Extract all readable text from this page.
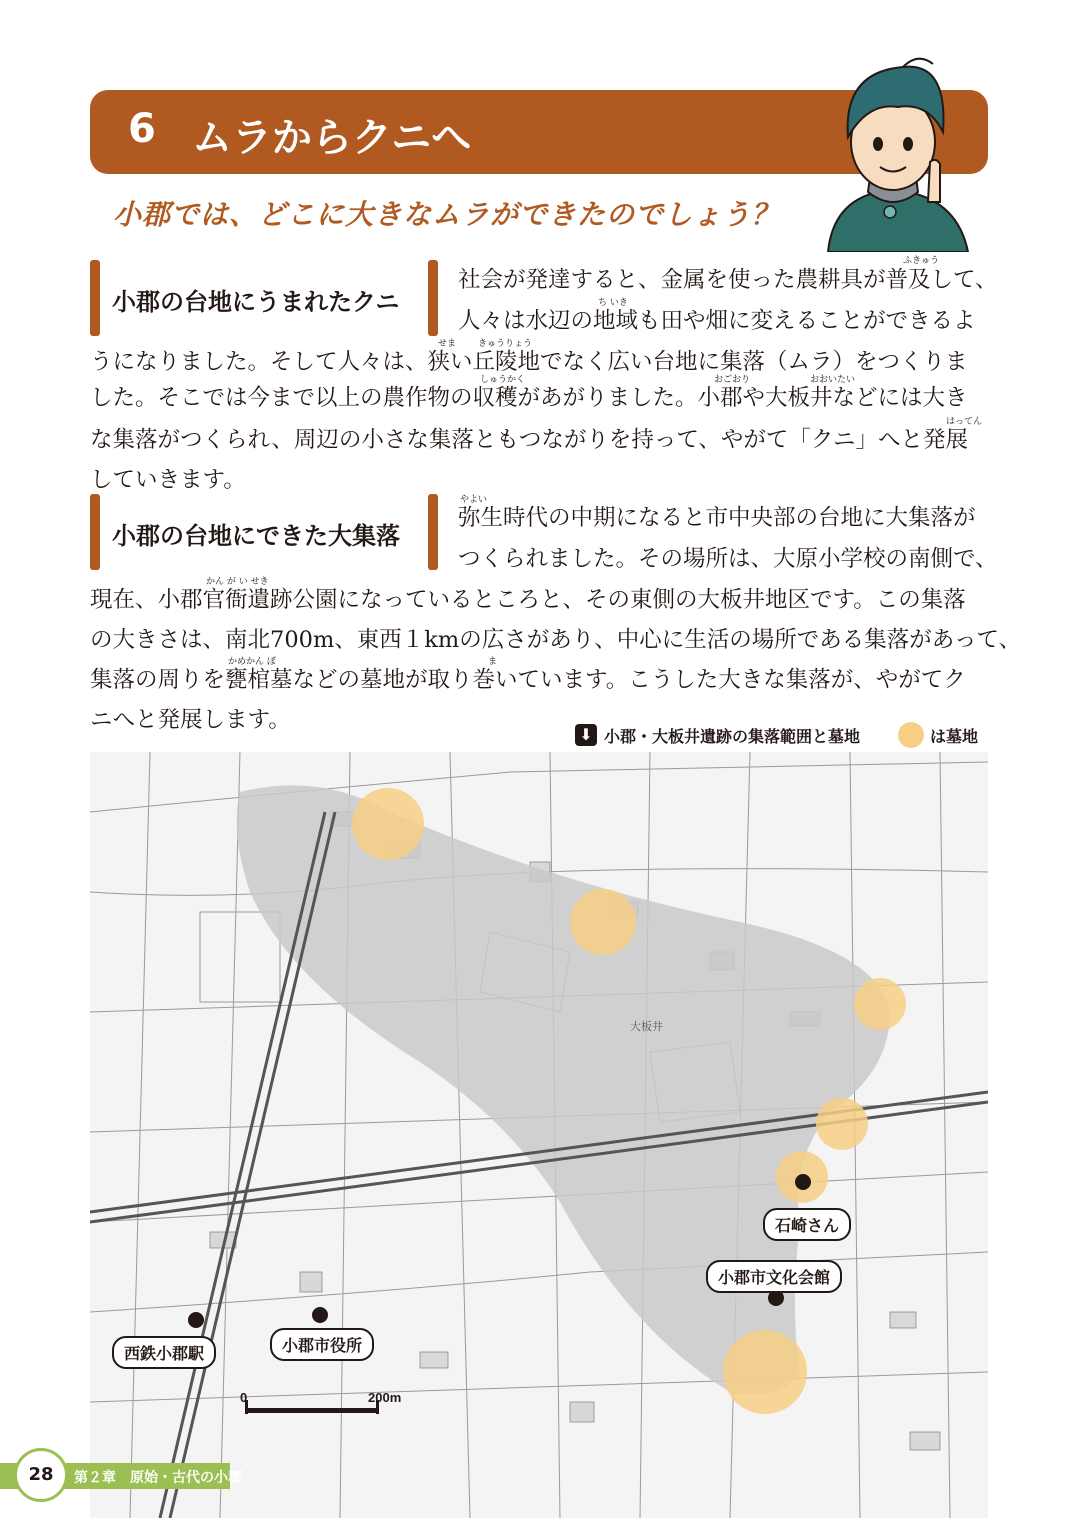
6 ムラからクニへ
小郡では、どこに大きなムラができたのでしょう？
小郡の台地にうまれたクニ
ふきゅう
社会が発達すると、金属を使った農耕具が普及して、
ち いき
人々は水辺の地域も田や畑に変えることができるよ
せま きゅうりょう
うになりました。そして人々は、狭い丘陵地でなく広い台地に集落（ムラ）をつくりま
しゅうかく	おごおり	おおいたい
した。そこでは今まで以上の農作物の収穫があがりました。小郡や大板井などには大き
はってん
な集落がつくられ、周辺の小さな集落ともつながりを持って、やがて「クニ」へと発展
していきます。
小郡の台地にできた大集落
やよい
弥生時代の中期になると市中央部の台地に大集落が
つくられました。その場所は、大原小学校の南側で、
かん が い せき
現在、小郡官衙遺跡公園になっているところと、その東側の大板井地区です。この集落
の大きさは、南北700m、東西１kmの広さがあり、中心に生活の場所である集落があって、
かめかん ぼ	ま
集落の周りを甕棺墓などの墓地が取り巻いています。こうした大きな集落が、やがてク
ニへと発展します。
⬇ 小郡・大板井遺跡の集落範囲と墓地	は墓地
大板井
0	200m
石崎さん
小郡市文化会館
西鉄小郡駅	小郡市役所
28	第２章　原始・古代の小郡
